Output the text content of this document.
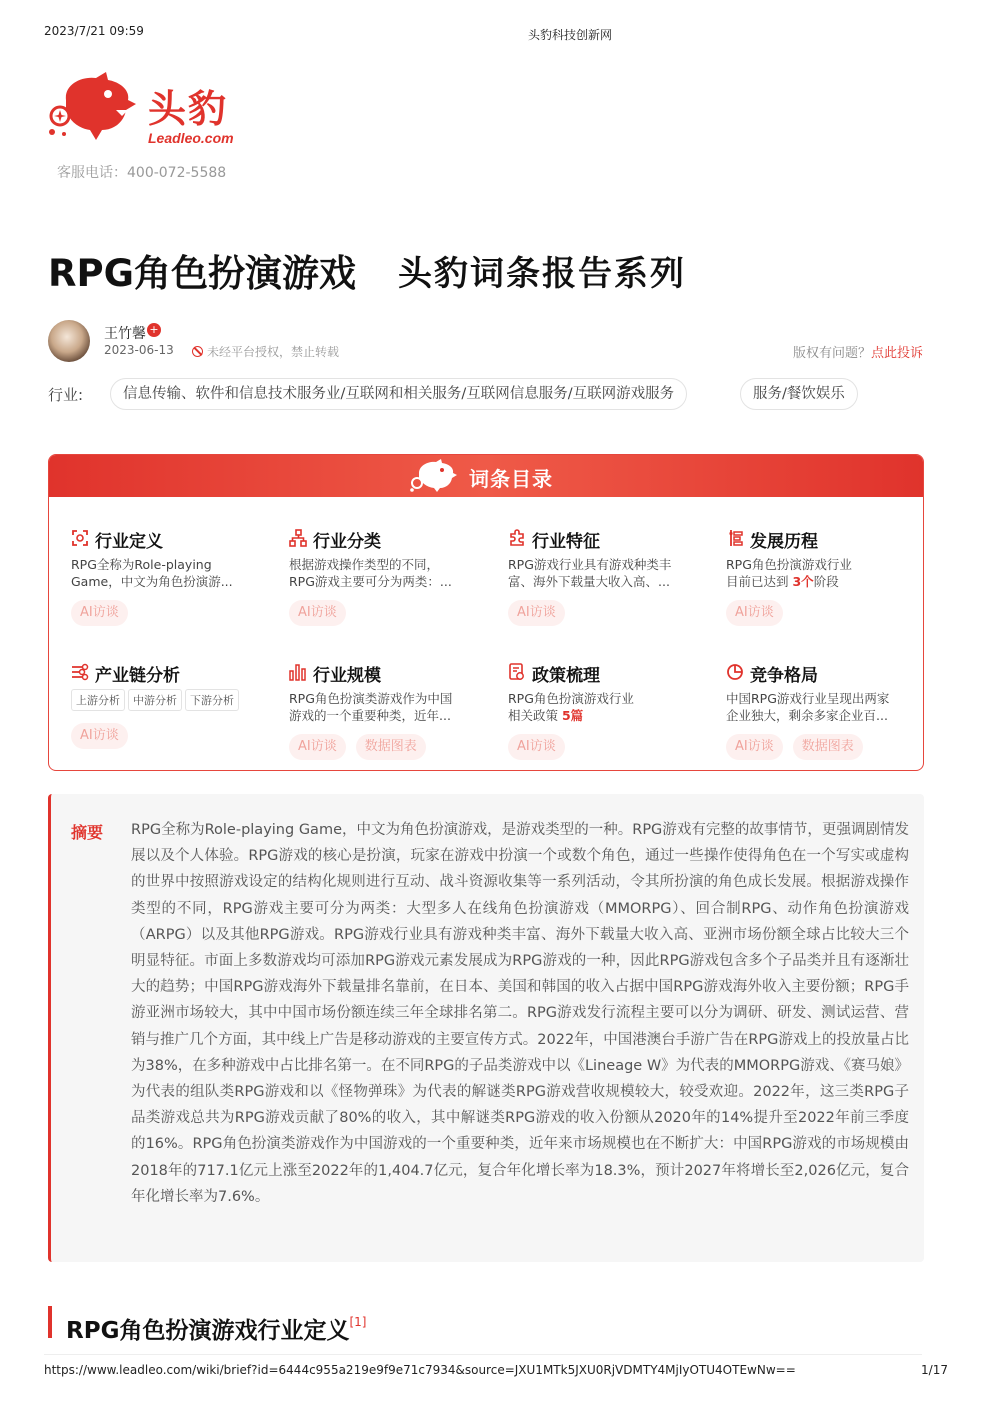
2023/7/21 09:59	头豹科技创新网
头豹
Leadleo.com
客服电话：400-072-5588
RPG角色扮演游戏 头豹词条报告系列
王竹馨 +
2023-06-13	未经平台授权，禁止转载	版权有问题？点此投诉
行业:	信息传输、软件和信息技术服务业/互联网和相关服务/互联网信息服务/互联网游戏服务	服务/餐饮娱乐
词条目录
行业定义
RPG全称为Role-playing
Game，中文为角色扮演游...
AI访谈
行业分类
根据游戏操作类型的不同，
RPG游戏主要可分为两类：...
AI访谈
行业特征
RPG游戏行业具有游戏种类丰
富、海外下载量大收入高、...
AI访谈
发展历程
RPG角色扮演游戏行业
目前已达到 3个阶段
AI访谈
产业链分析
上游分析 中游分析 下游分析
AI访谈
行业规模
RPG角色扮演类游戏作为中国
游戏的一个重要种类，近年...
AI访谈 数据图表
政策梳理
RPG角色扮演游戏行业
相关政策 5篇
AI访谈
竞争格局
中国RPG游戏行业呈现出两家
企业独大，剩余多家企业百...
AI访谈 数据图表
摘要 RPG全称为Role-playing Game，中文为角色扮演游戏，是游戏类型的一种。RPG游戏有完整的故事情节，更强调剧情发展以及个人体验。RPG游戏的核心是扮演，玩家在游戏中扮演一个或数个角色，通过一些操作使得角色在一个写实或虚构的世界中按照游戏设定的结构化规则进行互动、战斗资源收集等一系列活动，令其所扮演的角色成长发展。根据游戏操作类型的不同，RPG游戏主要可分为两类：大型多人在线角色扮演游戏（MMORPG）、回合制RPG、动作角色扮演游戏（ARPG）以及其他RPG游戏。RPG游戏行业具有游戏种类丰富、海外下载量大收入高、亚洲市场份额全球占比较大三个明显特征。市面上多数游戏均可添加RPG游戏元素发展成为RPG游戏的一种，因此RPG游戏包含多个子品类并且有逐渐壮大的趋势；中国RPG游戏海外下载量排名靠前，在日本、美国和韩国的收入占据中国RPG游戏海外收入主要份额；RPG手游亚洲市场较大，其中中国市场份额连续三年全球排名第二。RPG游戏发行流程主要可以分为调研、研发、测试运营、营销与推广几个方面，其中线上广告是移动游戏的主要宣传方式。2022年，中国港澳台手游广告在RPG游戏上的投放量占比为38%，在多种游戏中占比排名第一。在不同RPG的子品类游戏中以《Lineage W》为代表的MMORPG游戏、《赛马娘》为代表的组队类RPG游戏和以《怪物弹珠》为代表的解谜类RPG游戏营收规模较大，较受欢迎。2022年，这三类RPG子品类游戏总共为RPG游戏贡献了80%的收入，其中解谜类RPG游戏的收入份额从2020年的14%提升至2022年前三季度的16%。RPG角色扮演类游戏作为中国游戏的一个重要种类，近年来市场规模也在不断扩大：中国RPG游戏的市场规模由2018年的717.1亿元上涨至2022年的1,404.7亿元，复合年化增长率为18.3%，预计2027年将增长至2,026亿元，复合年化增长率为7.6%。

RPG角色扮演游戏行业定义[1]
https://www.leadleo.com/wiki/brief?id=6444c955a219e9f9e71c7934&source=JXU1MTk5JXU0RjVDMTY4MjIyOTU4OTEwNw==	1/17
